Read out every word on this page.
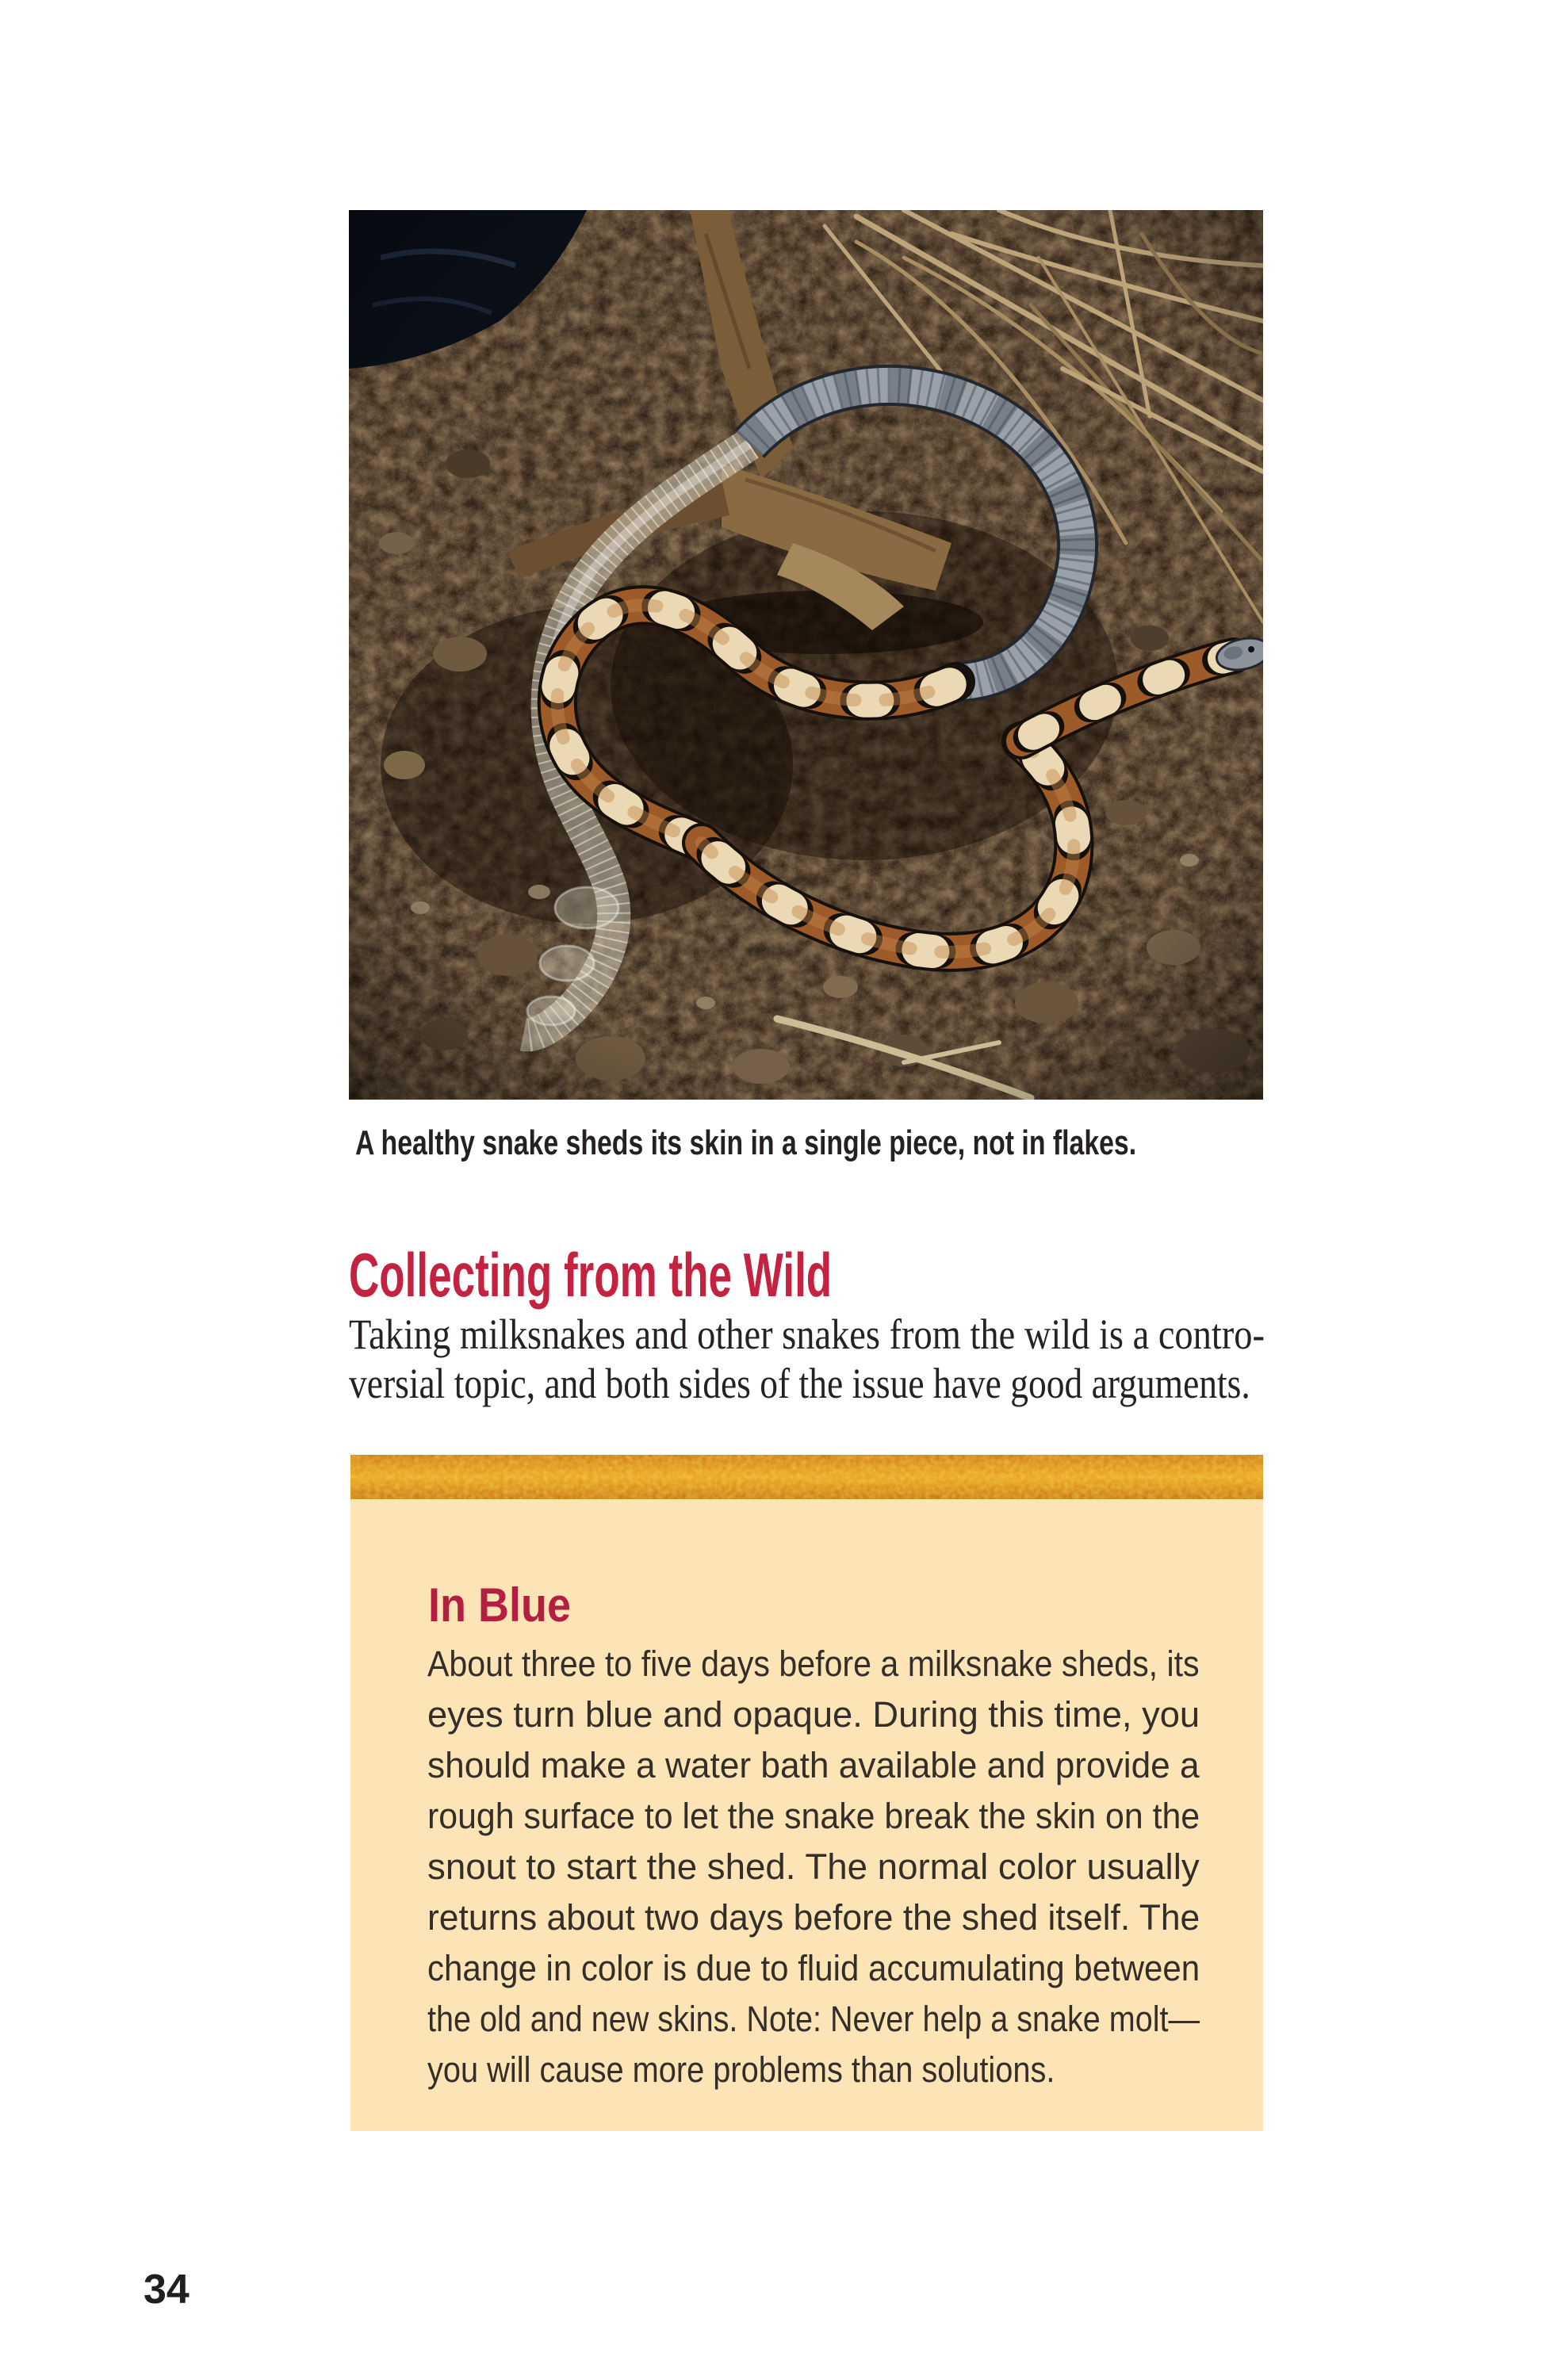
A healthy snake sheds its skin in a single piece, not in flakes.
Collecting from the Wild
Taking milksnakes and other snakes from the wild is a contro-
versial topic, and both sides of the issue have good arguments.
In Blue
About three to five days before a milksnake sheds, its
eyes turn blue and opaque. During this time, you
should make a water bath available and provide a
rough surface to let the snake break the skin on the
snout to start the shed. The normal color usually
returns about two days before the shed itself. The
change in color is due to fluid accumulating between
the old and new skins. Note: Never help a snake molt—
you will cause more problems than solutions.
34
